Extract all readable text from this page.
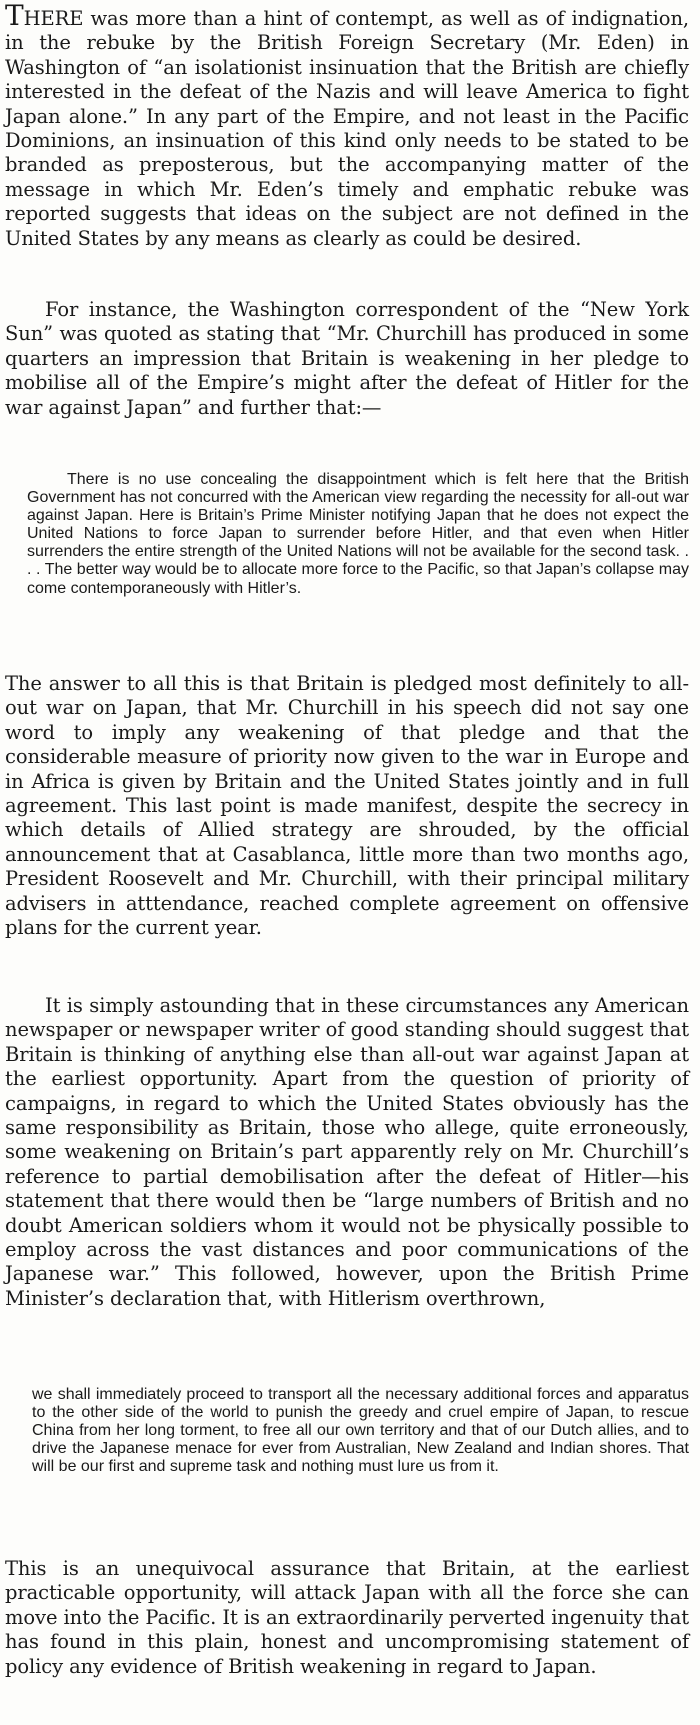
THERE was more than a hint of contempt, as well as of indignation, in the rebuke by the British Foreign Secretary (Mr. Eden) in Washington of “an isolationist insinuation that the British are chiefly interested in the defeat of the Nazis and will leave America to fight Japan alone.” In any part of the Empire, and not least in the Pacific Dominions, an insinuation of this kind only needs to be stated to be branded as preposterous, but the accompanying matter of the message in which Mr. Eden’s timely and emphatic rebuke was reported suggests that ideas on the subject are not defined in the United States by any means as clearly as could be desired.

For instance, the Washington correspondent of the “New York Sun” was quoted as stating that “Mr. Churchill has produced in some quarters an impression that Britain is weakening in her pledge to mobilise all of the Empire’s might after the defeat of Hitler for the war against Japan” and further that:—

There is no use concealing the disappointment which is felt here that the British Government has not concurred with the American view regarding the necessity for all-out war against Japan. Here is Britain’s Prime Minister notifying Japan that he does not expect the United Nations to force Japan to surrender before Hitler, and that even when Hitler surrenders the entire strength of the United Nations will not be available for the second task. . . . The better way would be to allocate more force to the Pacific, so that Japan’s collapse may come contemporaneously with Hitler’s.

The answer to all this is that Britain is pledged most definitely to all-out war on Japan, that Mr. Churchill in his speech did not say one word to imply any weakening of that pledge and that the considerable measure of priority now given to the war in Europe and in Africa is given by Britain and the United States jointly and in full agreement. This last point is made manifest, despite the secrecy in which details of Allied strategy are shrouded, by the official announcement that at Casablanca, little more than two months ago, President Roosevelt and Mr. Churchill, with their principal military advisers in atttendance, reached complete agreement on offensive plans for the current year.

It is simply astounding that in these circumstances any American newspaper or newspaper writer of good standing should suggest that Britain is thinking of anything else than all-out war against Japan at the earliest opportunity. Apart from the question of priority of campaigns, in regard to which the United States obviously has the same responsibility as Britain, those who allege, quite erroneously, some weakening on Britain’s part apparently rely on Mr. Churchill’s reference to partial demobilisation after the defeat of Hitler—his statement that there would then be “large numbers of British and no doubt American soldiers whom it would not be physically possible to employ across the vast distances and poor communications of the Japanese war.” This followed, however, upon the British Prime Minister’s declaration that, with Hitlerism overthrown,

we shall immediately proceed to transport all the necessary additional forces and apparatus to the other side of the world to punish the greedy and cruel empire of Japan, to rescue China from her long torment, to free all our own territory and that of our Dutch allies, and to drive the Japanese menace for ever from Australian, New Zealand and Indian shores. That will be our first and supreme task and nothing must lure us from it.

This is an unequivocal assurance that Britain, at the earliest practicable opportunity, will attack Japan with all the force she can move into the Pacific. It is an extraordinarily perverted ingenuity that has found in this plain, honest and uncompromising statement of policy any evidence of British weakening in regard to Japan.
